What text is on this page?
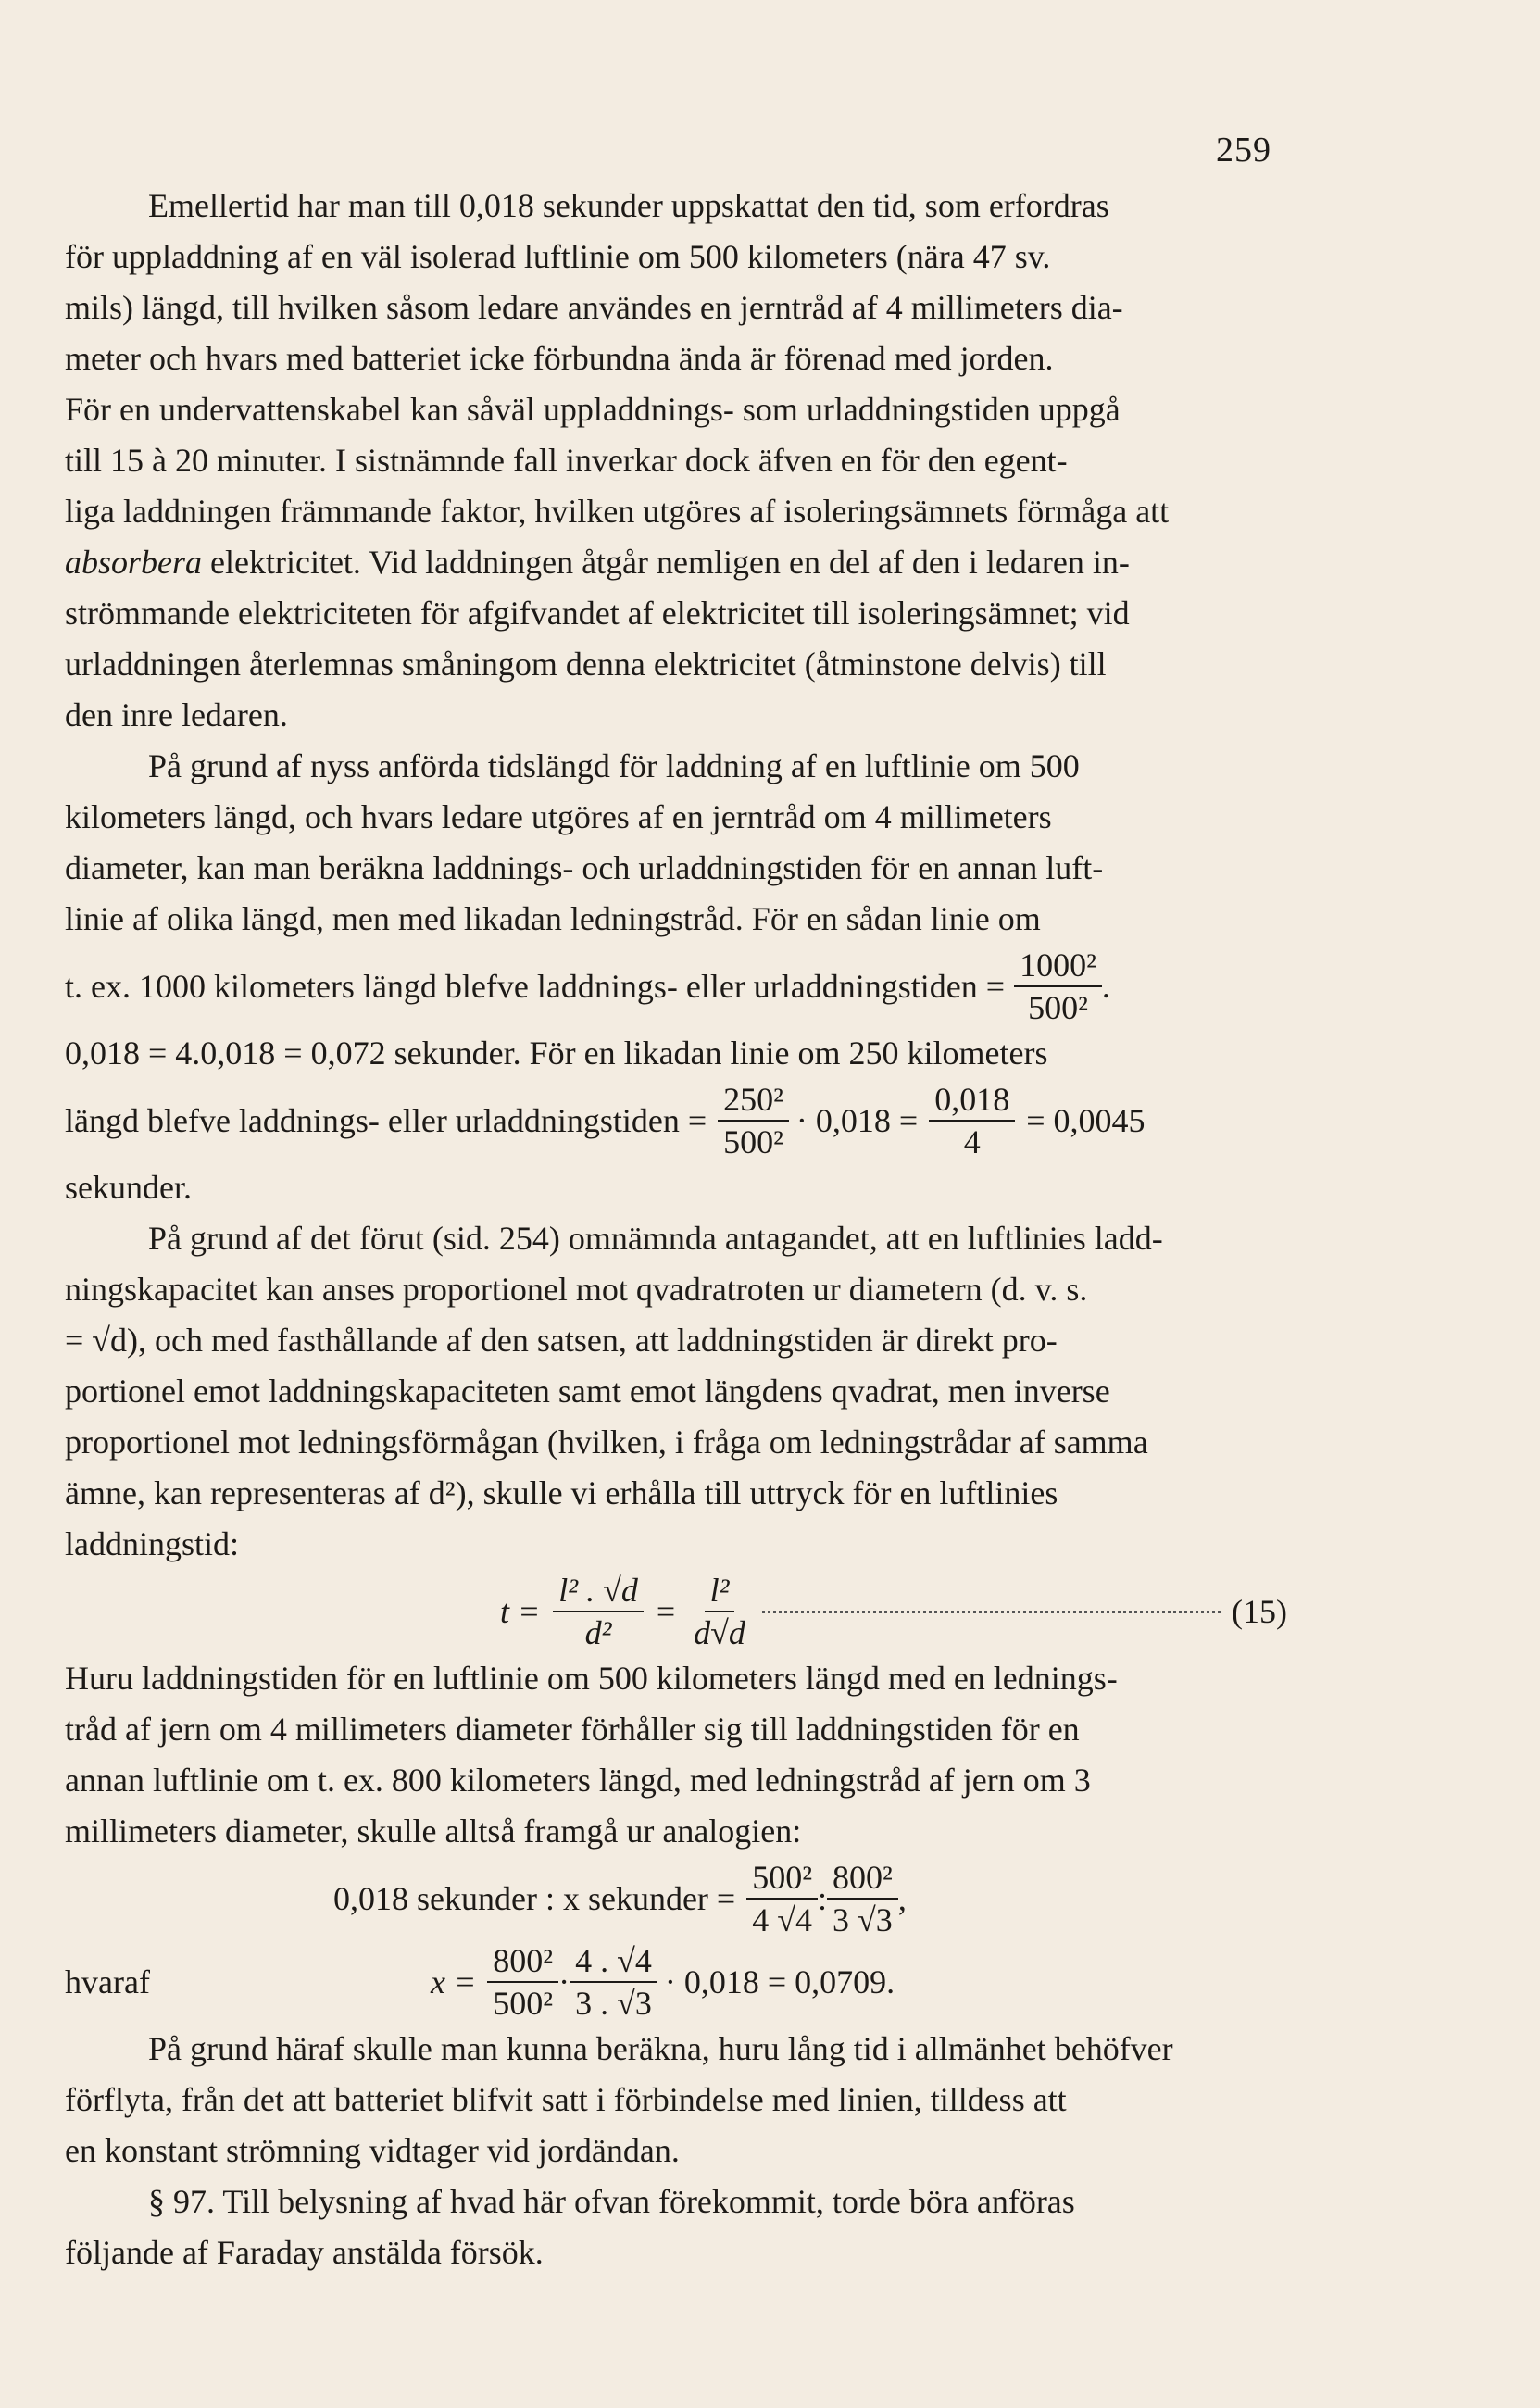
259
Emellertid har man till 0,018 sekunder uppskattat den tid, som erfordras
för uppladdning af en väl isolerad luftlinie om 500 kilometers (nära 47 sv.
mils) längd, till hvilken såsom ledare användes en jerntråd af 4 millimeters dia-
meter och hvars med batteriet icke förbundna ända är förenad med jorden.
För en undervattenskabel kan såväl uppladdnings- som urladdningstiden uppgå
till 15 à 20 minuter. I sistnämnde fall inverkar dock äfven en för den egent-
liga laddningen främmande faktor, hvilken utgöres af isoleringsämnets förmåga att
absorbera elektricitet. Vid laddningen åtgår nemligen en del af den i ledaren in-
strömmande elektriciteten för afgifvandet af elektricitet till isoleringsämnet; vid
urladdningen återlemnas småningom denna elektricitet (åtminstone delvis) till
den inre ledaren.
På grund af nyss anförda tidslängd för laddning af en luftlinie om 500
kilometers längd, och hvars ledare utgöres af en jerntråd om 4 millimeters
diameter, kan man beräkna laddnings- och urladdningstiden för en annan luft-
linie af olika längd, men med likadan ledningstråd. För en sådan linie om
t. ex. 1000 kilometers längd blefve laddnings- eller urladdningstiden = $\frac{\text{1000²}}{\text{500²}}$ .
0,018 = 4.0,018 = 0,072 sekunder. För en likadan linie om 250 kilometers
längd blefve laddnings- eller urladdningstiden = $\frac{\text{250²}}{\text{500²}} \cdot 0,018 = \frac{0,018}{4} = 0,0045$
sekunder.
På grund af det förut (sid. 254) omnämnda antagandet, att en luftlinies ladd-
ningskapacitet kan anses proportionel mot qvadratroten ur diametern (d. v. s.
= √d), och med fasthållande af den satsen, att laddningstiden är direkt pro-
portionel emot laddningskapaciteten samt emot längdens qvadrat, men inverse
proportionel mot ledningsförmågan (hvilken, i fråga om ledningstrådar af samma
ämne, kan representeras af d²), skulle vi erhålla till uttryck för en luftlinies
laddningstid:
$t = \frac{\text{l² . √d}}{\text{d²}} = \frac{\text{l²}}{d√d}$	(15)
Huru laddningstiden för en luftlinie om 500 kilometers längd med en lednings-
tråd af jern om 4 millimeters diameter förhåller sig till laddningstiden för en
annan luftlinie om t. ex. 800 kilometers längd, med ledningstråd af jern om 3
millimeters diameter, skulle alltså framgå ur analogien:
0,018 sekunder : x sekunder = $\frac{\text{500²}}{4 √4}$ : $\frac{\text{800²}}{3 √3}$ ,
hvaraf	$x = \frac{\text{800²}}{\text{500²}} \cdot \frac{4 . √4}{3 . √3} \cdot 0,018 = 0,0709$.
På grund häraf skulle man kunna beräkna, huru lång tid i allmänhet behöfver
förflyta, från det att batteriet blifvit satt i förbindelse med linien, tilldess att
en konstant strömning vidtager vid jordändan.
§ 97. Till belysning af hvad här ofvan förekommit, torde böra anföras
följande af Faraday anstälda försök.
